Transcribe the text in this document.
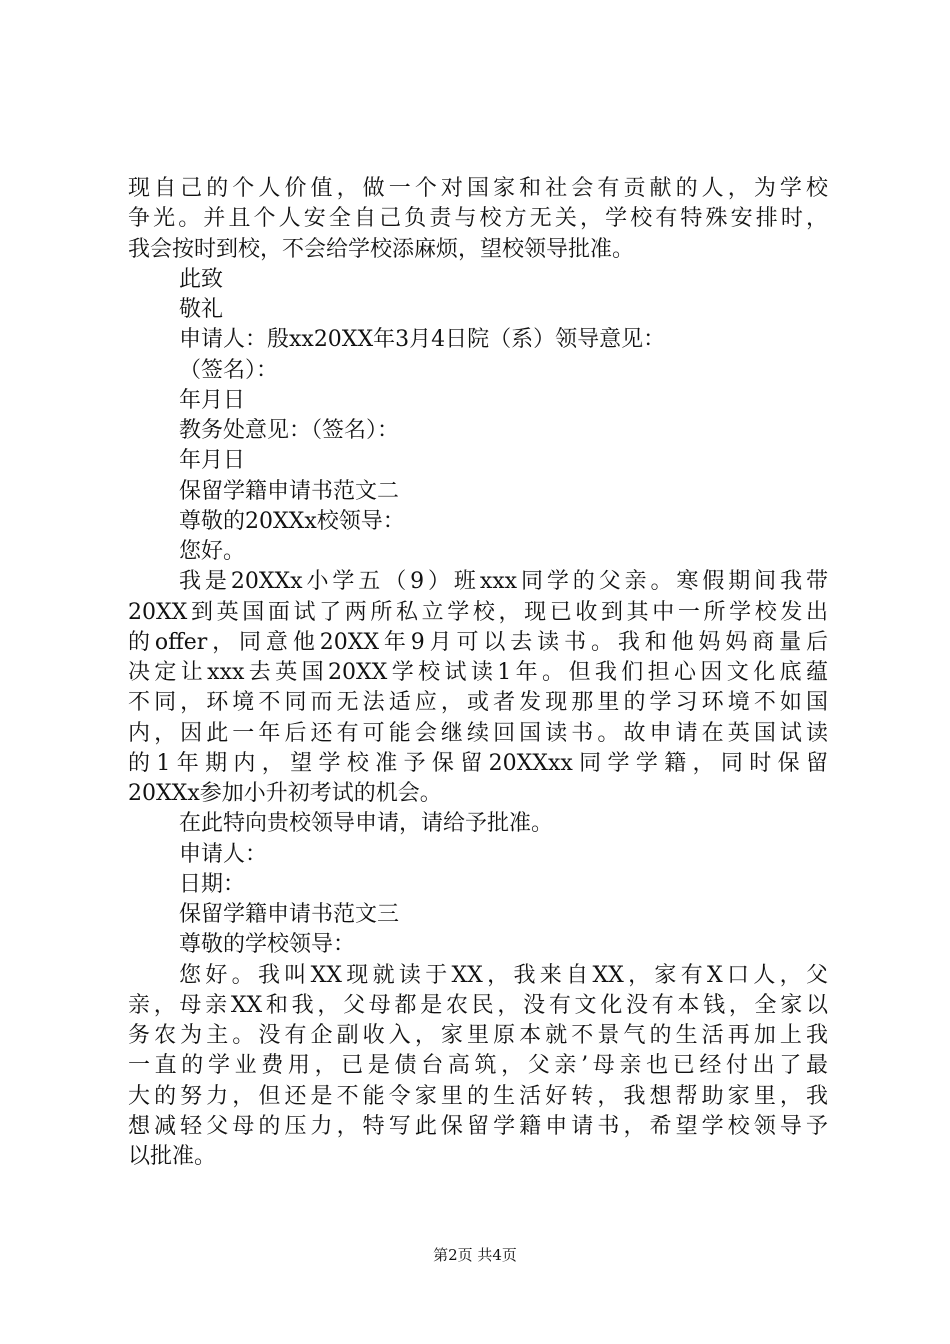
现自己的个人价值，做一个对国家和社会有贡献的人，为学校
争光。并且个人安全自己负责与校方无关，学校有特殊安排时，
我会按时到校，不会给学校添麻烦，望校领导批准。
此致
敬礼
申请人：殷xx20XX年3月4日院（系）领导意见：
（签名）：
年月日
教务处意见：（签名）：
年月日
保留学籍申请书范文二
尊敬的20XXx校领导：
您好。
我是20XXx小学五（9）班xxx同学的父亲。寒假期间我带
20XX到英国面试了两所私立学校，现已收到其中一所学校发出
的offer，同意他20XX年9月可以去读书。我和他妈妈商量后
决定让xxx去英国20XX学校试读1年。但我们担心因文化底蕴
不同，环境不同而无法适应，或者发现那里的学习环境不如国
内，因此一年后还有可能会继续回国读书。故申请在英国试读
的1年期内，望学校准予保留20XXxx同学学籍，同时保留
20XXx参加小升初考试的机会。
在此特向贵校领导申请，请给予批准。
申请人：
日期：
保留学籍申请书范文三
尊敬的学校领导：
您好。我叫XX现就读于XX，我来自XX，家有X口人，父
亲，母亲XX和我，父母都是农民，没有文化没有本钱，全家以
务农为主。没有企副收入，家里原本就不景气的生活再加上我
一直的学业费用，已是债台高筑，父亲’母亲也已经付出了最
大的努力，但还是不能令家里的生活好转，我想帮助家里，我
想减轻父母的压力，特写此保留学籍申请书，希望学校领导予
以批准。
第2页 共4页
